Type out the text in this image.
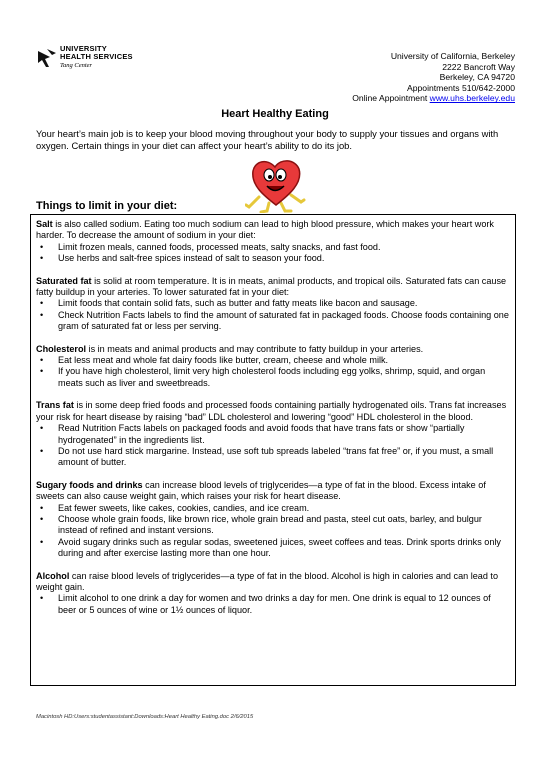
UNIVERSITY
HEALTH SERVICES
Tang Center
University of California, Berkeley
2222 Bancroft Way
Berkeley, CA 94720
Appointments 510/642-2000
Online Appointment www.uhs.berkeley.edu
Heart Healthy Eating
Your heart’s main job is to keep your blood moving throughout your body to supply your tissues and organs with oxygen. Certain things in your diet can affect your heart’s ability to do its job.
Things to limit in your diet:

Salt is also called sodium. Eating too much sodium can lead to high blood pressure, which makes your heart work harder. To decrease the amount of sodium in your diet:

• Limit frozen meals, canned foods, processed meats, salty snacks, and fast food.
• Use herbs and salt-free spices instead of salt to season your food.

Saturated fat is solid at room temperature. It is in meats, animal products, and tropical oils. Saturated fats can cause fatty buildup in your arteries. To lower saturated fat in your diet:

• Limit foods that contain solid fats, such as butter and fatty meats like bacon and sausage.
• Check Nutrition Facts labels to find the amount of saturated fat in packaged foods. Choose foods containing one gram of saturated fat or less per serving.

Cholesterol is in meats and animal products and may contribute to fatty buildup in your arteries.

• Eat less meat and whole fat dairy foods like butter, cream, cheese and whole milk.
• If you have high cholesterol, limit very high cholesterol foods including egg yolks, shrimp, squid, and organ meats such as liver and sweetbreads.

Trans fat is in some deep fried foods and processed foods containing partially hydrogenated oils. Trans fat increases your risk for heart disease by raising “bad” LDL cholesterol and lowering “good” HDL cholesterol in the blood.

• Read Nutrition Facts labels on packaged foods and avoid foods that have trans fats or show “partially hydrogenated” in the ingredients list.
• Do not use hard stick margarine. Instead, use soft tub spreads labeled “trans fat free” or, if you must, a small amount of butter.

Sugary foods and drinks can increase blood levels of triglycerides—a type of fat in the blood. Excess intake of sweets can also cause weight gain, which raises your risk for heart disease.

• Eat fewer sweets, like cakes, cookies, candies, and ice cream.
• Choose whole grain foods, like brown rice, whole grain bread and pasta, steel cut oats, barley, and bulgur instead of refined and instant versions.
• Avoid sugary drinks such as regular sodas, sweetened juices, sweet coffees and teas. Drink sports drinks only during and after exercise lasting more than one hour.

Alcohol can raise blood levels of triglycerides—a type of fat in the blood. Alcohol is high in calories and can lead to weight gain.

• Limit alcohol to one drink a day for women and two drinks a day for men. One drink is equal to 12 ounces of beer or 5 ounces of wine or 1½ ounces of liquor.
Macintosh HD:Users:studentassistant:Downloads:Heart Healthy Eating.doc 2/6/2015
